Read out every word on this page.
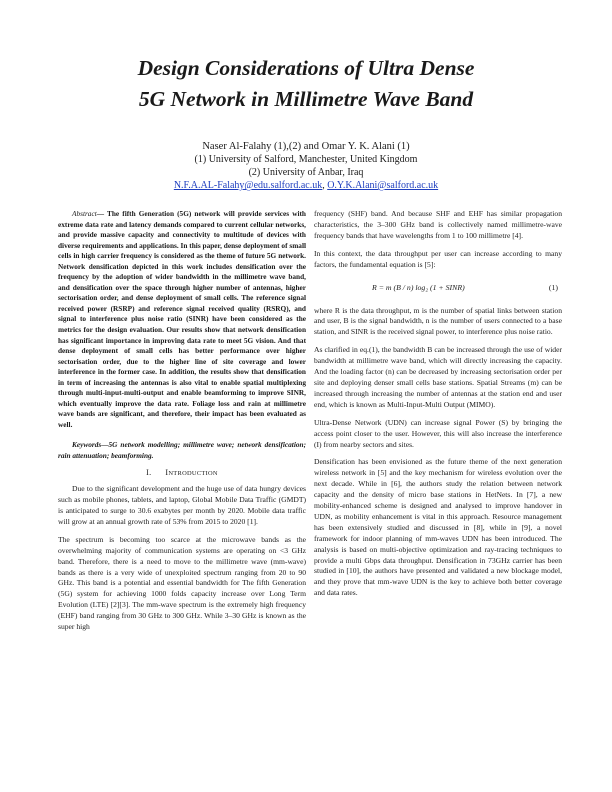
Design Considerations of Ultra Dense
5G Network in Millimetre Wave Band
Naser Al-Falahy (1),(2) and Omar Y. K. Alani (1)
(1) University of Salford, Manchester, United Kingdom
(2) University of Anbar, Iraq
N.F.A.AL-Falahy@edu.salford.ac.uk, O.Y.K.Alani@salford.ac.uk

Abstract— The fifth Generation (5G) network will provide services with extreme data rate and latency demands compared to current cellular networks, and provide massive capacity and connectivity to multitude of devices with diverse requirements and applications. In this paper, dense deployment of small cells in high carrier frequency is considered as the theme of future 5G network. Network densification depicted in this work includes densification over the frequency by the adoption of wider bandwidth in the millimetre wave band, and densification over the space through higher number of antennas, higher sectorisation order, and dense deployment of small cells. The reference signal received power (RSRP) and reference signal received quality (RSRQ), and signal to interference plus noise ratio (SINR) have been considered as the metrics for the design evaluation. Our results show that network densification has significant importance in improving data rate to meet 5G vision. And that dense deployment of small cells has better performance over higher sectorisation order, due to the higher line of site coverage and lower interference in the former case. In addition, the results show that densification in term of increasing the antennas is also vital to enable spatial multiplexing through multi-input-multi-output and enable beamforming to improve SINR, which eventually improve the data rate. Foliage loss and rain at millimetre wave bands are significant, and therefore, their impact has been evaluated as well.

Keywords—5G network modelling; millimetre wave; network densification; rain attenuation; beamforming.

I. INTRODUCTION

Due to the significant development and the huge use of data hungry devices such as mobile phones, tablets, and laptop, Global Mobile Data Traffic (GMDT) is anticipated to surge to 30.6 exabytes per month by 2020. Mobile data traffic will grow at an annual growth rate of 53% from 2015 to 2020 [1].

The spectrum is becoming too scarce at the microwave bands as the overwhelming majority of communication systems are operating on <3 GHz band. Therefore, there is a need to move to the millimetre wave (mm-wave) bands as there is a very wide of unexploited spectrum ranging from 20 to 90 GHz. This band is a potential and essential bandwidth for The fifth Generation (5G) system for achieving 1000 folds capacity increase over Long Term Evolution (LTE) [2][3]. The mm-wave spectrum is the extremely high frequency (EHF) band ranging from 30 GHz to 300 GHz. While 3–30 GHz is known as the super high

frequency (SHF) band. And because SHF and EHF has similar propagation characteristics, the 3–300 GHz band is collectively named millimetre-wave frequency bands that have wavelengths from 1 to 100 millimetre [4].

In this context, the data throughput per user can increase according to many factors, the fundamental equation is [5]:

R = m (B / n) log₂ (1 + SINR)	(1)

where R is the data throughput, m is the number of spatial links between station and user, B is the signal bandwidth, n is the number of users connected to a base station, and SINR is the received signal power, to interference plus noise ratio.

As clarified in eq.(1), the bandwidth B can be increased through the use of wider bandwidth at millimetre wave band, which will directly increasing the capacity. And the loading factor (n) can be decreased by increasing sectorisation order per site and deploying denser small cells base stations. Spatial Streams (m) can be increased through increasing the number of antennas at the station end and user end, which is known as Multi-Input-Multi Output (MIMO).

Ultra-Dense Network (UDN) can increase signal Power (S) by bringing the access point closer to the user. However, this will also increase the interference (I) from nearby sectors and sites.

Densification has been envisioned as the future theme of the next generation wireless network in [5] and the key mechanism for wireless evolution over the next decade. While in [6], the authors study the relation between network capacity and the density of micro base stations in HetNets. In [7], a new mobility-enhanced scheme is designed and analysed to improve handover in UDN, as mobility enhancement is vital in this approach. Resource management has been extensively studied and discussed in [8], while in [9], a novel framework for indoor planning of mm-waves UDN has been introduced. The analysis is based on multi-objective optimization and ray-tracing techniques to provide a multi Gbps data throughput. Densification in 73GHz carrier has been studied in [10], the authors have presented and validated a new blockage model, and they prove that mm-wave UDN is the key to achieve both better coverage and data rates.
